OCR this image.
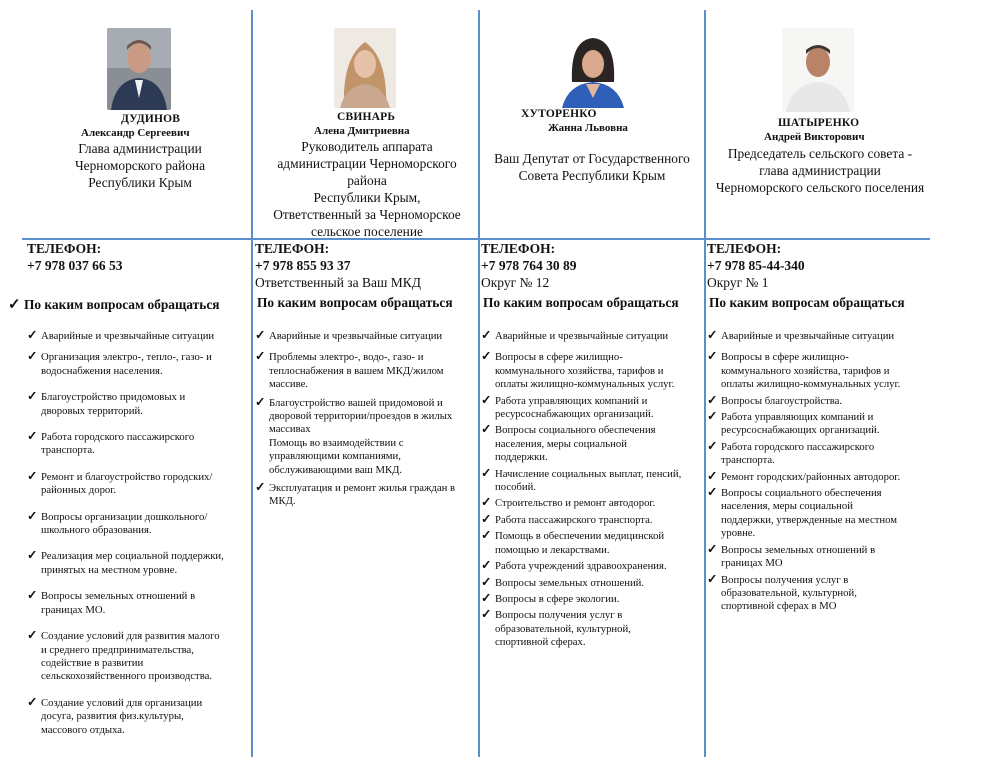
ДУДИНОВ
Александр Сергеевич
Глава администрации
Черноморского района
Республики Крым
ТЕЛЕФОН:
+7 978 037 66 53
✓ По каким вопросам обращаться
✓ Аварийные и чрезвычайные ситуации
✓ Организация электро-, тепло-, газо- и
водоснабжения населения.
✓ Благоустройство придомовых и
дворовых территорий.
✓ Работа городского пассажирского
транспорта.
✓ Ремонт и благоустройство городских/
районных дорог.
✓ Вопросы организации дошкольного/
школьного образования.
✓ Реализация мер социальной поддержки,
принятых на местном уровне.
✓ Вопросы земельных отношений в
границах МО.
✓ Создание условий для развития малого
и среднего предпринимательства,
содействие в развитии
сельскохозяйственного производства.
✓ Создание условий для организации
досуга, развития физ.культуры,
массового отдыха.
СВИНАРЬ
Алена Дмитриевна
Руководитель аппарата
администрации Черноморского
района
Республики Крым,
Ответственный за Черноморское
сельское поселение
ТЕЛЕФОН:
+7 978 855 93 37
Ответственный за Ваш МКД
По каким вопросам обращаться
✓ Аварийные и чрезвычайные ситуации
✓ Проблемы электро-, водо-, газо- и
теплоснабжения в вашем МКД/жилом
массиве.
✓ Благоустройство вашей придомовой и
дворовой территории/проездов в жилых
массивах
Помощь во взаимодействии с
управляющими компаниями,
обслуживающими ваш МКД.
✓ Эксплуатация и ремонт жилья граждан в
МКД.
ХУТОРЕНКО
Жанна Львовна
Ваш Депутат от Государственного
Совета Республики Крым
ТЕЛЕФОН:
+7 978 764 30 89
Округ № 12
По каким вопросам обращаться
✓ Аварийные и чрезвычайные ситуации
✓ Вопросы в сфере жилищно-
коммунального хозяйства, тарифов и
оплаты жилищно-коммунальных услуг.
✓ Работа управляющих компаний и
ресурсоснабжающих организаций.
✓ Вопросы социального обеспечения
населения, меры социальной
поддержки.
✓ Начисление социальных выплат, пенсий,
пособий.
✓ Строительство и ремонт автодорог.
✓ Работа пассажирского транспорта.
✓ Помощь в обеспечении медицинской
помощью и лекарствами.
✓ Работа учреждений здравоохранения.
✓ Вопросы земельных отношений.
✓ Вопросы в сфере экологии.
✓ Вопросы получения услуг в
образовательной, культурной,
спортивной сферах.
ШАТЫРЕНКО
Андрей Викторович
Председатель сельского совета -
глава администрации
Черноморского сельского поселения
ТЕЛЕФОН:
+7 978 85-44-340
Округ № 1
По каким вопросам обращаться
✓ Аварийные и чрезвычайные ситуации
✓ Вопросы в сфере жилищно-
коммунального хозяйства, тарифов и
оплаты жилищно-коммунальных услуг.
✓ Вопросы благоустройства.
✓ Работа управляющих компаний и
ресурсоснабжающих организаций.
✓ Работа городского пассажирского
транспорта.
✓ Ремонт городских/районных автодорог.
✓ Вопросы социального обеспечения
населения, меры социальной
поддержки, утвержденные на местном
уровне.
✓ Вопросы земельных отношений в
границах МО
✓ Вопросы получения услуг в
образовательной, культурной,
спортивной сферах в МО
